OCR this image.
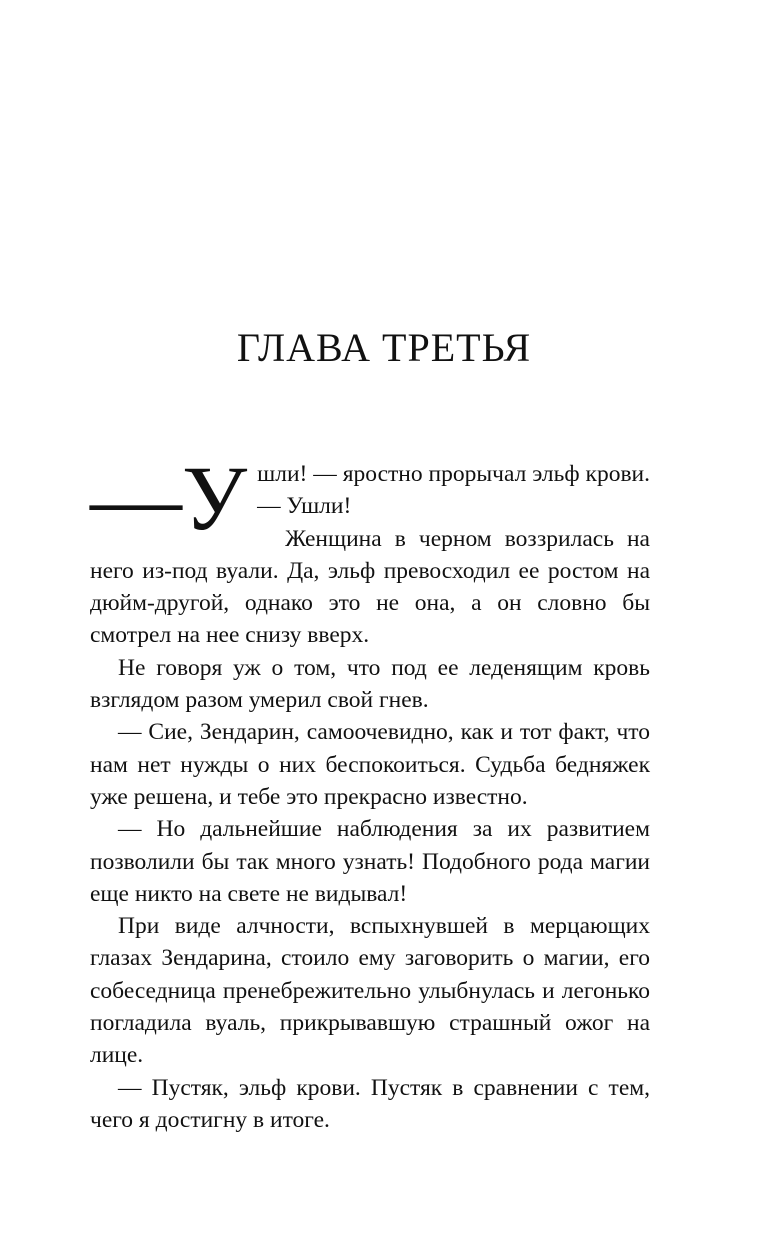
ГЛАВА ТРЕТЬЯ

— У шли! — яростно прорычал эльф крови. — Ушли!

Женщина в черном воззрилась на него из-под вуали. Да, эльф превосходил ее ростом на дюйм-другой, однако это не она, а он словно бы смотрел на нее снизу вверх.

Не говоря уж о том, что под ее леденящим кровь взглядом разом умерил свой гнев.

— Сие, Зендарин, самоочевидно, как и тот факт, что нам нет нужды о них беспокоиться. Судьба бедняжек уже решена, и тебе это прекрасно известно.

— Но дальнейшие наблюдения за их развитием позволили бы так много узнать! Подобного рода магии еще никто на свете не видывал!

При виде алчности, вспыхнувшей в мерцающих глазах Зендарина, стоило ему заговорить о магии, его собеседница пренебрежительно улыбнулась и легонько погладила вуаль, прикрывавшую страшный ожог на лице.

— Пустяк, эльф крови. Пустяк в сравнении с тем, чего я достигну в итоге.
